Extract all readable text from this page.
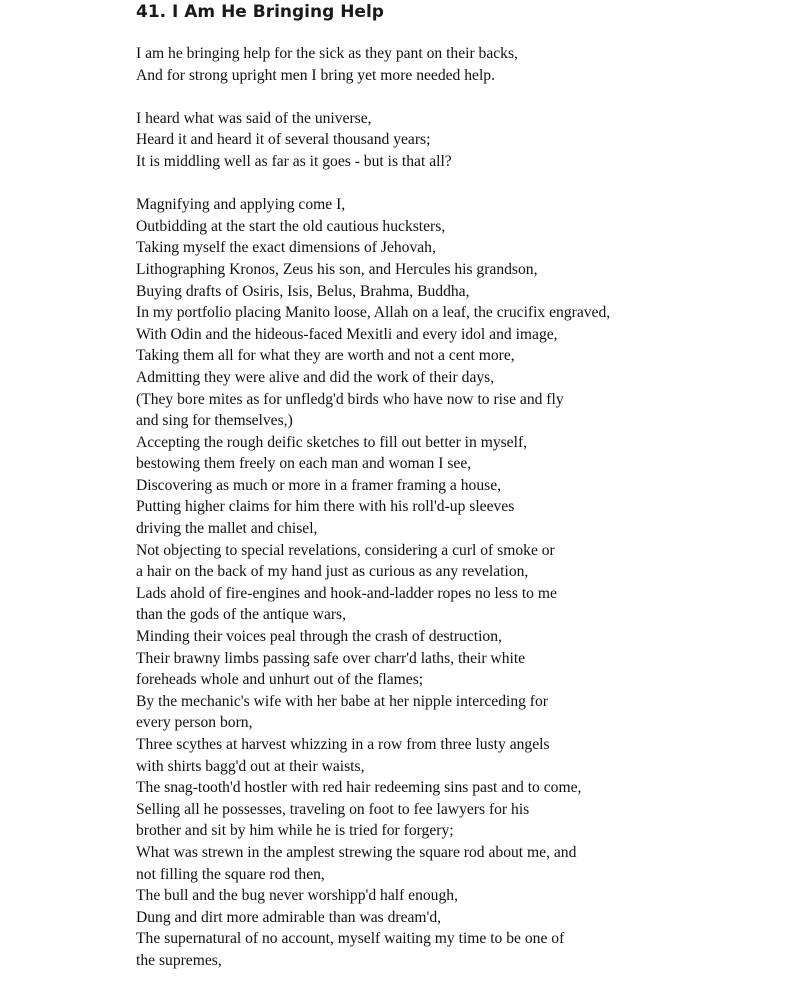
41. I Am He Bringing Help
I am he bringing help for the sick as they pant on their backs,
And for strong upright men I bring yet more needed help.
I heard what was said of the universe,
Heard it and heard it of several thousand years;
It is middling well as far as it goes - but is that all?
Magnifying and applying come I,
Outbidding at the start the old cautious hucksters,
Taking myself the exact dimensions of Jehovah,
Lithographing Kronos, Zeus his son, and Hercules his grandson,
Buying drafts of Osiris, Isis, Belus, Brahma, Buddha,
In my portfolio placing Manito loose, Allah on a leaf, the crucifix engraved,
With Odin and the hideous-faced Mexitli and every idol and image,
Taking them all for what they are worth and not a cent more,
Admitting they were alive and did the work of their days,
(They bore mites as for unfledg'd birds who have now to rise and fly
and sing for themselves,)
Accepting the rough deific sketches to fill out better in myself,
bestowing them freely on each man and woman I see,
Discovering as much or more in a framer framing a house,
Putting higher claims for him there with his roll'd-up sleeves
driving the mallet and chisel,
Not objecting to special revelations, considering a curl of smoke or
a hair on the back of my hand just as curious as any revelation,
Lads ahold of fire-engines and hook-and-ladder ropes no less to me
than the gods of the antique wars,
Minding their voices peal through the crash of destruction,
Their brawny limbs passing safe over charr'd laths, their white
foreheads whole and unhurt out of the flames;
By the mechanic's wife with her babe at her nipple interceding for
every person born,
Three scythes at harvest whizzing in a row from three lusty angels
with shirts bagg'd out at their waists,
The snag-tooth'd hostler with red hair redeeming sins past and to come,
Selling all he possesses, traveling on foot to fee lawyers for his
brother and sit by him while he is tried for forgery;
What was strewn in the amplest strewing the square rod about me, and
not filling the square rod then,
The bull and the bug never worshipp'd half enough,
Dung and dirt more admirable than was dream'd,
The supernatural of no account, myself waiting my time to be one of
the supremes,
